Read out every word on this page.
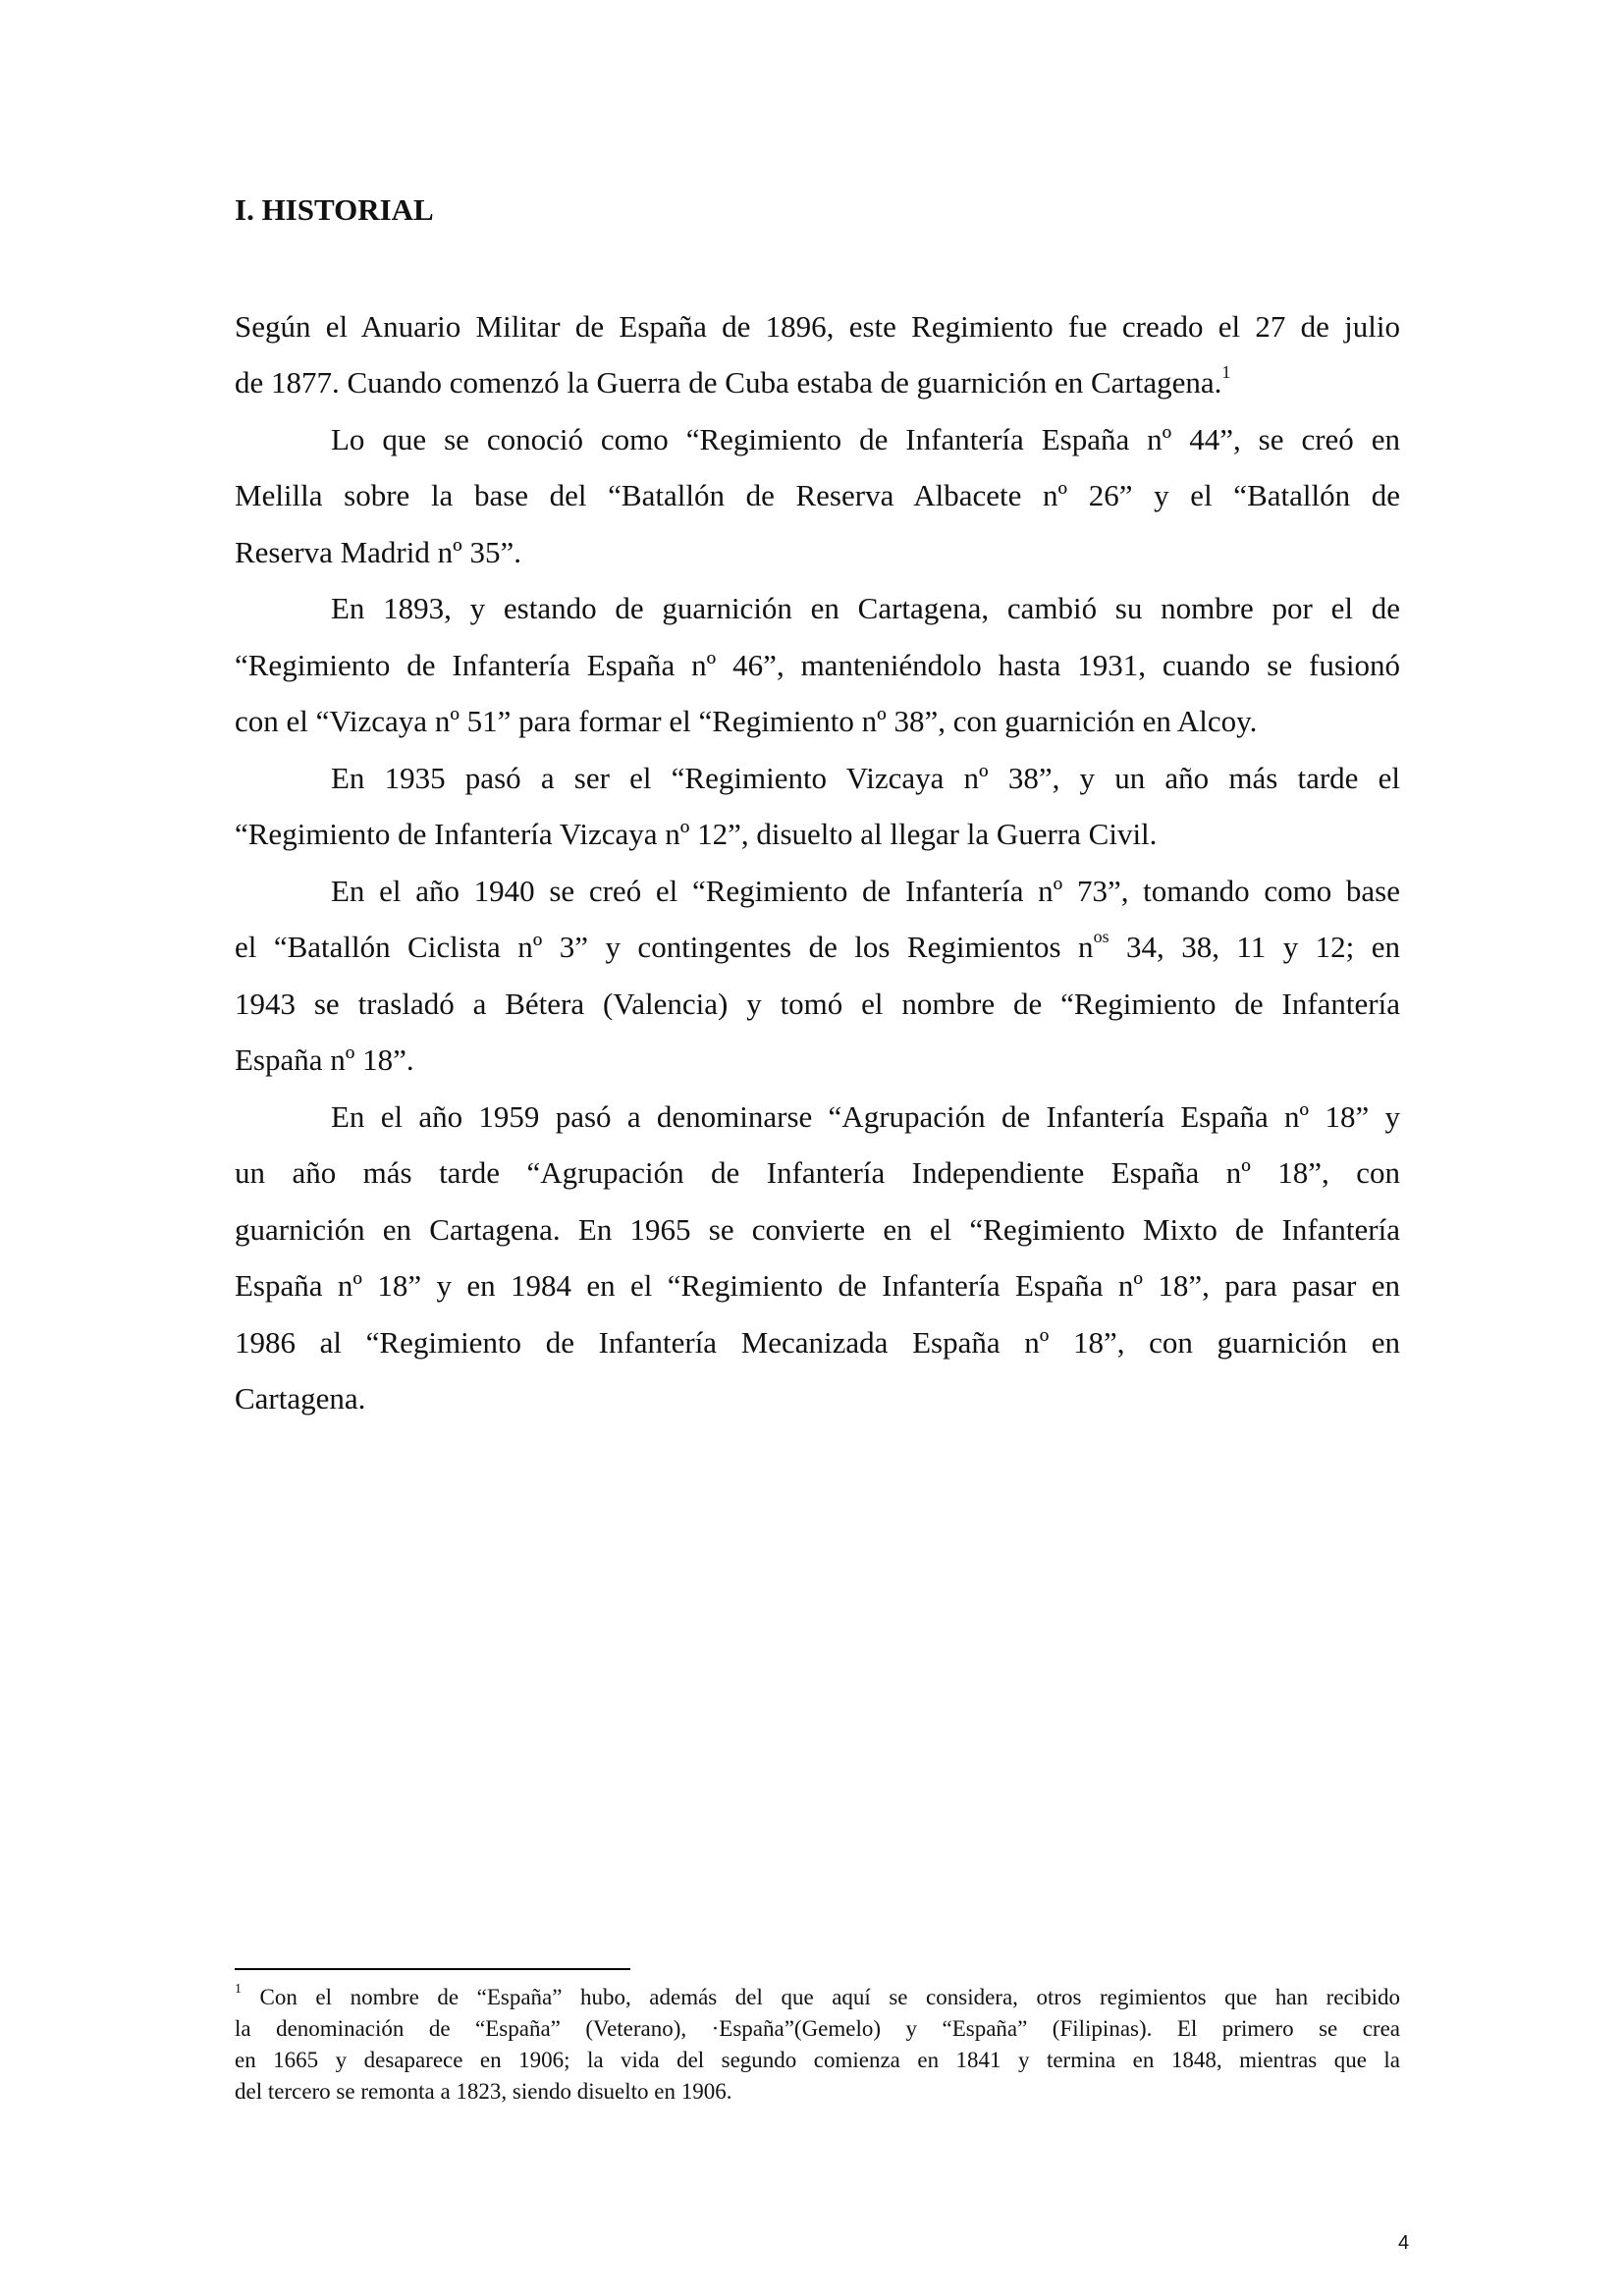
I. HISTORIAL
Según el Anuario Militar de España de 1896, este Regimiento fue creado el 27 de julio
de 1877. Cuando comenzó la Guerra de Cuba estaba de guarnición en Cartagena.$^1$
Lo que se conoció como “Regimiento de Infantería España nº 44”, se creó en
Melilla sobre la base del “Batallón de Reserva Albacete nº 26” y el “Batallón de
Reserva Madrid nº 35”.
En 1893, y estando de guarnición en Cartagena, cambió su nombre por el de
“Regimiento de Infantería España nº 46”, manteniéndolo hasta 1931, cuando se fusionó
con el “Vizcaya nº 51” para formar el “Regimiento nº 38”, con guarnición en Alcoy.
En 1935 pasó a ser el “Regimiento Vizcaya nº 38”, y un año más tarde el
“Regimiento de Infantería Vizcaya nº 12”, disuelto al llegar la Guerra Civil.
En el año 1940 se creó el “Regimiento de Infantería nº 73”, tomando como base
el “Batallón Ciclista nº 3” y contingentes de los Regimientos $n^{os}$ 34, 38, 11 y 12; en
1943 se trasladó a Bétera (Valencia) y tomó el nombre de “Regimiento de Infantería
España nº 18”.
En el año 1959 pasó a denominarse “Agrupación de Infantería España nº 18” y
un año más tarde “Agrupación de Infantería Independiente España nº 18”, con
guarnición en Cartagena. En 1965 se convierte en el “Regimiento Mixto de Infantería
España nº 18” y en 1984 en el “Regimiento de Infantería España nº 18”, para pasar en
1986 al “Regimiento de Infantería Mecanizada España nº 18”, con guarnición en
Cartagena.
$^1$ Con el nombre de “España” hubo, además del que aquí se considera, otros regimientos que han recibido
la denominación de “España” (Veterano), ·España”(Gemelo) y “España” (Filipinas). El primero se crea
en 1665 y desaparece en 1906; la vida del segundo comienza en 1841 y termina en 1848, mientras que la
del tercero se remonta a 1823, siendo disuelto en 1906.
4
